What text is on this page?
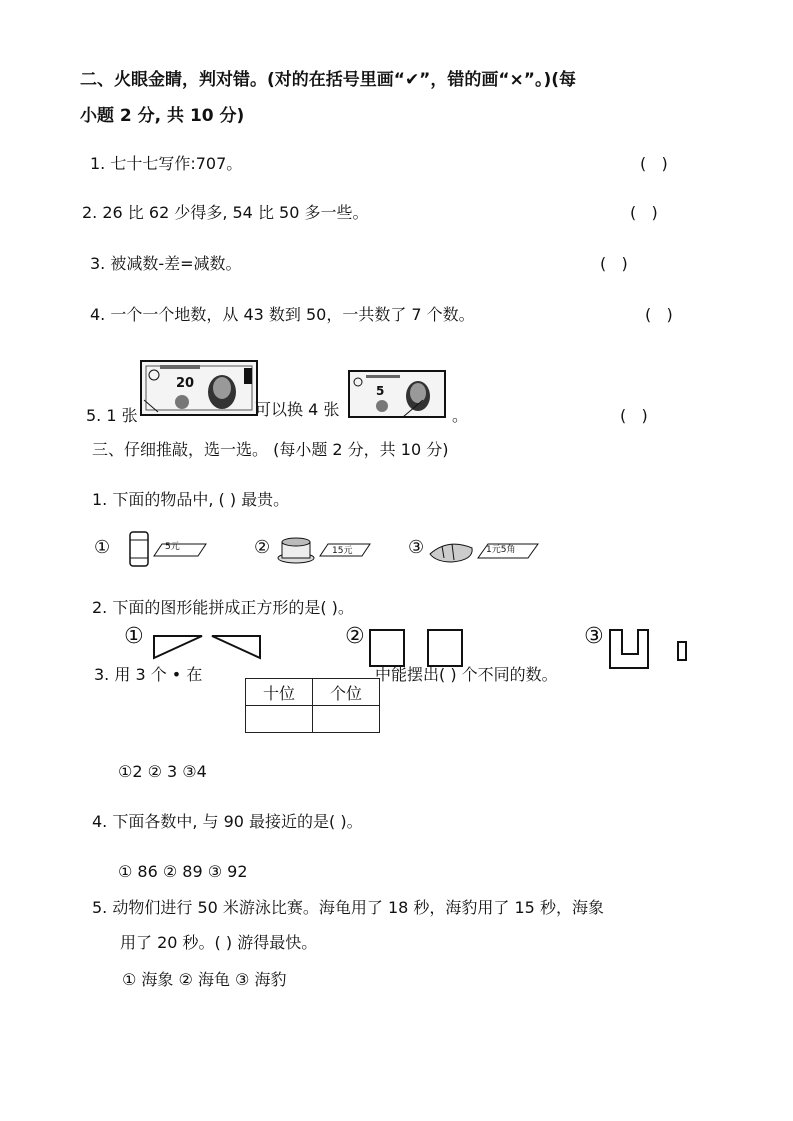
二、火眼金睛，判对错。(对的在括号里画“✔”，错的画“×”。)(每
小题 2 分, 共 10 分)
1. 七十七写作:707。	(   )
2. 26 比 62 少得多, 54 比 50 多一些。	(   )
3. 被减数-差=减数。	(   )
4. 一个一个地数，从 43 数到 50，一共数了 7 个数。	(   )
5. 1 张
20
可以换 4 张
5
。	(   )
三、仔细推敲，选一选。 (每小题 2 分，共 10 分)
1. 下面的物品中, ( ) 最贵。
①	5元	②	15元	③	1元5角
2. 下面的图形能拼成正方形的是( )。
①	②	③
3. 用 3 个 • 在	中能摆出( ) 个不同的数。
十位	个位

①2 ② 3 ③4
4. 下面各数中, 与 90 最接近的是( )。
① 86 ② 89 ③ 92
5. 动物们进行 50 米游泳比赛。海龟用了 18 秒，海豹用了 15 秒，海象
用了 20 秒。( ) 游得最快。
① 海象 ② 海龟 ③ 海豹
